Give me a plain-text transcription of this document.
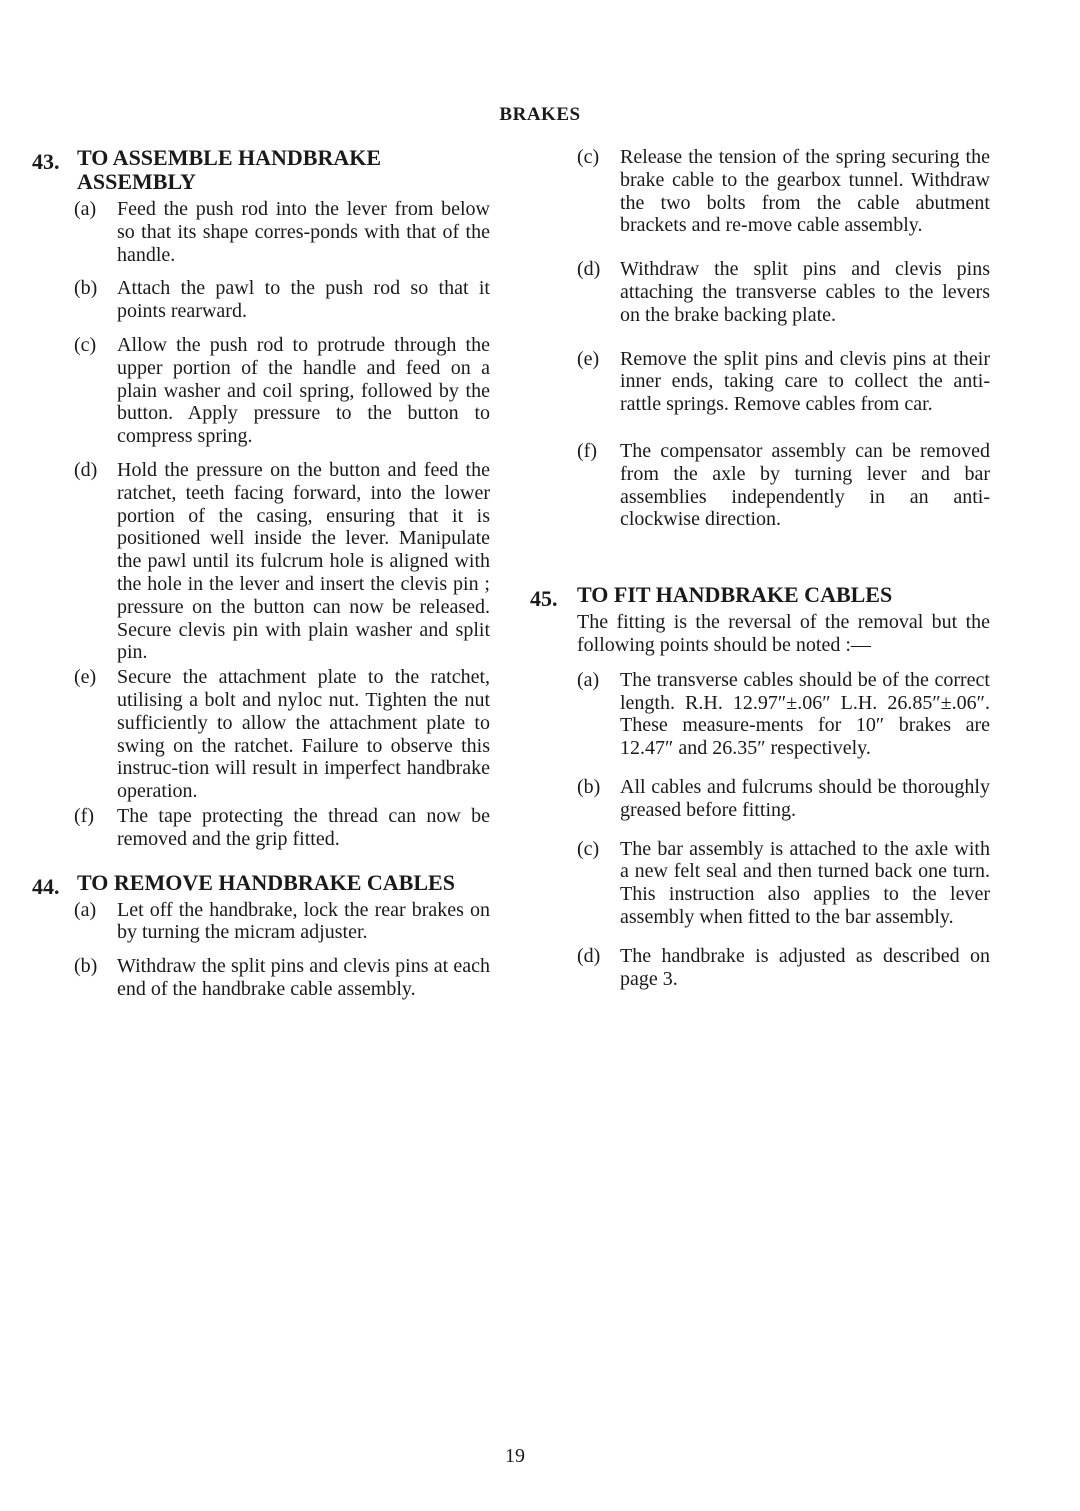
BRAKES
43. TO ASSEMBLE HANDBRAKE ASSEMBLY
(a) Feed the push rod into the lever from below so that its shape corres-ponds with that of the handle.
(b) Attach the pawl to the push rod so that it points rearward.
(c) Allow the push rod to protrude through the upper portion of the handle and feed on a plain washer and coil spring, followed by the button. Apply pressure to the button to compress spring.
(d) Hold the pressure on the button and feed the ratchet, teeth facing forward, into the lower portion of the casing, ensuring that it is positioned well inside the lever. Manipulate the pawl until its fulcrum hole is aligned with the hole in the lever and insert the clevis pin ; pressure on the button can now be released. Secure clevis pin with plain washer and split pin.
(e) Secure the attachment plate to the ratchet, utilising a bolt and nyloc nut. Tighten the nut sufficiently to allow the attachment plate to swing on the ratchet. Failure to observe this instruc-tion will result in imperfect handbrake operation.
(f) The tape protecting the thread can now be removed and the grip fitted.
44. TO REMOVE HANDBRAKE CABLES
(a) Let off the handbrake, lock the rear brakes on by turning the micram adjuster.
(b) Withdraw the split pins and clevis pins at each end of the handbrake cable assembly.
(c) Release the tension of the spring securing the brake cable to the gearbox tunnel. Withdraw the two bolts from the cable abutment brackets and re-move cable assembly.
(d) Withdraw the split pins and clevis pins attaching the transverse cables to the levers on the brake backing plate.
(e) Remove the split pins and clevis pins at their inner ends, taking care to collect the anti-rattle springs. Remove cables from car.
(f) The compensator assembly can be removed from the axle by turning lever and bar assemblies independently in an anti-clockwise direction.
45. TO FIT HANDBRAKE CABLES
The fitting is the reversal of the removal but the following points should be noted :—
(a) The transverse cables should be of the correct length. R.H. 12.97″±.06″ L.H. 26.85″±.06″. These measure-ments for 10″ brakes are 12.47″ and 26.35″ respectively.
(b) All cables and fulcrums should be thoroughly greased before fitting.
(c) The bar assembly is attached to the axle with a new felt seal and then turned back one turn. This instruction also applies to the lever assembly when fitted to the bar assembly.
(d) The handbrake is adjusted as described on page 3.
19
